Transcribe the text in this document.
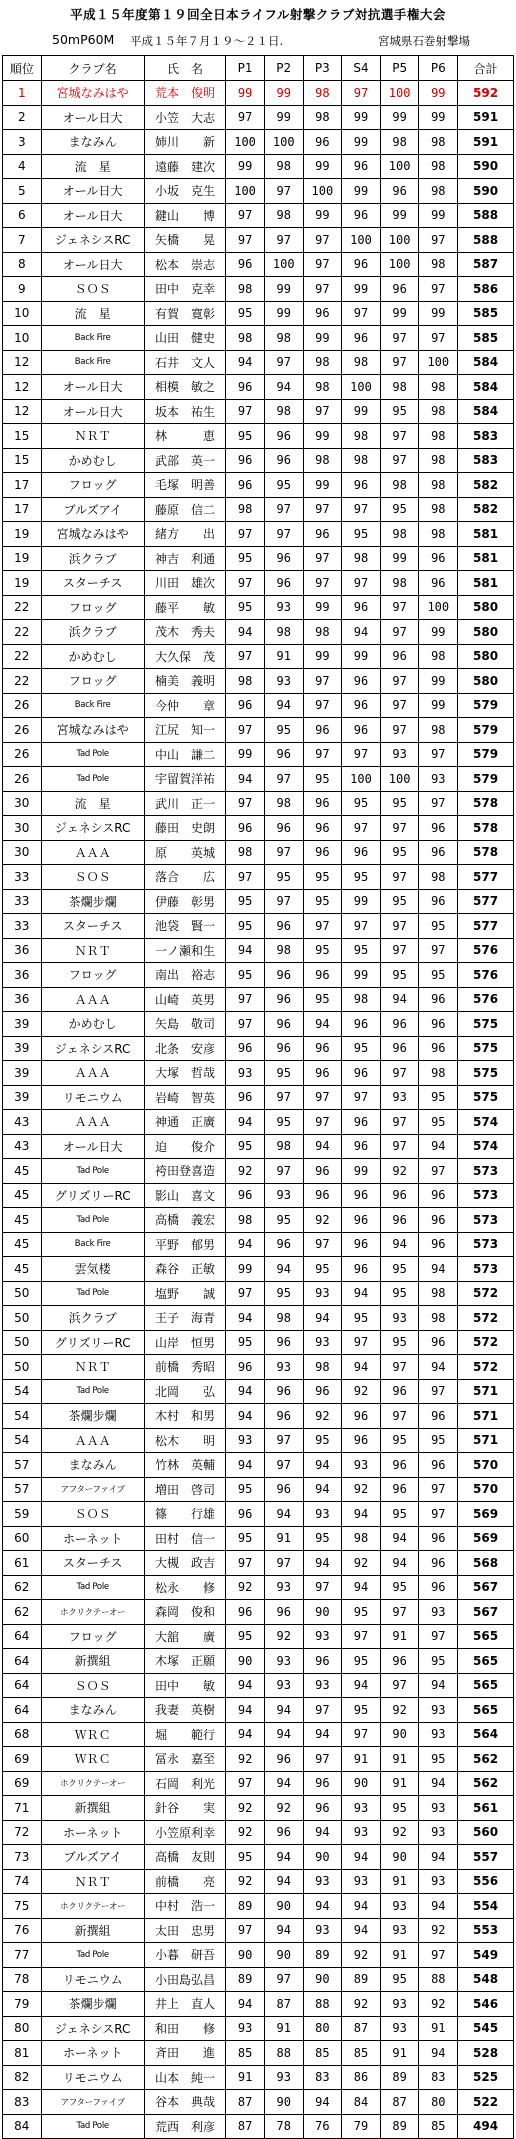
平成１５年度第１９回全日本ライフル射撃クラブ対抗選手権大会
50mP60M 平成１５年７月１９～２１日.	宮城県石巻射撃場
順位	クラブ名	氏　名	P1	P2	P3	S4	P5	P6	合計
1	宮城なみはや	荒本　俊明	99	99	98	97	100	99	592
2	オール日大	小笠　大志	97	99	98	99	99	99	591
3	まなみん	姉川　　新	100	100	96	99	98	98	591
4	流　星	遠藤　建次	99	98	99	96	100	98	590
5	オール日大	小坂　克生	100	97	100	99	96	98	590
6	オール日大	鍵山　　博	97	98	99	96	99	99	588
7	ジェネシスRC	矢橋　　晃	97	97	97	100	100	97	588
8	オール日大	松本　崇志	96	100	97	96	100	98	587
9	ＳＯＳ	田中　克幸	98	99	97	99	96	97	586
10	流　星	有賀　寛彰	95	99	96	97	99	99	585
10	Back Fire	山田　健史	98	98	99	96	97	97	585
12	Back Fire	石井　文人	94	97	98	98	97	100	584
12	オール日大	相模　敏之	96	94	98	100	98	98	584
12	オール日大	坂本　祐生	97	98	97	99	95	98	584
15	ＮＲＴ	林　　　恵	95	96	99	98	97	98	583
15	かめむし	武部　英一	96	96	98	98	97	98	583
17	フロッグ	毛塚　明善	96	95	99	96	98	98	582
17	ブルズアイ	藤原　信二	98	97	97	97	95	98	582
19	宮城なみはや	緒方　　出	97	97	96	95	98	98	581
19	浜クラブ	神吉　利通	95	96	97	98	99	96	581
19	スターチス	川田　雄次	97	96	97	97	98	96	581
22	フロッグ	藤平　　敏	95	93	99	96	97	100	580
22	浜クラブ	茂木　秀夫	94	98	98	94	97	99	580
22	かめむし	大久保　茂	97	91	99	99	96	98	580
22	フロッグ	楠美　義明	98	93	97	96	97	99	580
26	Back Fire	今仲　　章	96	94	97	96	97	99	579
26	宮城なみはや	江尻　知一	97	95	96	96	97	98	579
26	Tad Pole	中山　謙二	99	96	97	97	93	97	579
26	Tad Pole	宇留賀洋祐	94	97	95	100	100	93	579
30	流　星	武川　正一	97	98	96	95	95	97	578
30	ジェネシスRC	藤田　史朗	96	96	96	97	97	96	578
30	ＡＡＡ	原　　英城	98	97	96	96	95	96	578
33	ＳＯＳ	落合　　広	97	95	95	95	97	98	577
33	茶爛步爛	伊藤　彰男	95	97	95	99	95	96	577
33	スターチス	池袋　賢一	95	96	97	97	97	95	577
36	ＮＲＴ	一ノ瀬和生	94	98	95	95	97	97	576
36	フロッグ	南出　裕志	95	96	96	99	95	95	576
36	ＡＡＡ	山崎　英男	97	96	95	98	94	96	576
39	かめむし	矢島　敬司	97	96	94	96	96	96	575
39	ジェネシスRC	北条　安彦	96	96	96	95	96	96	575
39	ＡＡＡ	大塚　哲哉	93	95	96	96	97	98	575
39	リモニウム	岩崎　智英	96	97	97	97	93	95	575
43	ＡＡＡ	神通　正廣	94	95	97	96	97	95	574
43	オール日大	迫　　俊介	95	98	94	96	97	94	574
45	Tad Pole	袴田登喜造	92	97	96	99	92	97	573
45	グリズリーRC	影山　喜文	96	93	96	96	96	96	573
45	Tad Pole	高橋　義宏	98	95	92	96	96	96	573
45	Back Fire	平野　郁男	94	96	97	96	94	96	573
45	雲気楼	森谷　正敏	99	94	95	96	95	94	573
50	Tad Pole	塩野　　誠	97	95	93	94	95	98	572
50	浜クラブ	王子　海青	94	98	94	95	93	98	572
50	グリズリーRC	山岸　恒男	95	96	93	97	95	96	572
50	ＮＲＴ	前橋　秀昭	96	93	98	94	97	94	572
54	Tad Pole	北岡　　弘	94	96	96	92	96	97	571
54	茶爛步爛	木村　和男	94	96	92	96	97	96	571
54	ＡＡＡ	松木　　明	93	97	95	96	95	95	571
57	まなみん	竹林　英輔	94	97	94	93	96	96	570
57	アフターファイブ	増田　啓司	95	96	94	92	96	97	570
59	ＳＯＳ	篠　　行雄	96	94	93	94	95	97	569
60	ホーネット	田村　信一	95	91	95	98	94	96	569
61	スターチス	大槻　政吉	97	97	94	92	94	96	568
62	Tad Pole	松永　　修	92	93	97	94	95	96	567
62	ホクリクテーオー	森岡　俊和	96	96	90	95	97	93	567
64	フロッグ	大舘　　廣	95	92	93	97	91	97	565
64	新撰組	木塚　正願	90	93	96	95	96	95	565
64	ＳＯＳ	田中　　敏	94	93	93	94	97	94	565
64	まなみん	我妻　英樹	94	94	97	95	92	93	565
68	ＷＲＣ	堀　　範行	94	94	94	97	90	93	564
69	ＷＲＣ	冨永　嘉至	92	96	97	91	91	95	562
69	ホクリクテーオー	石岡　利光	97	94	96	90	91	94	562
71	新撰組	針谷　　実	92	92	96	93	95	93	561
72	ホーネット	小笠原利幸	92	96	94	93	92	93	560
73	ブルズアイ	高橋　友則	95	94	90	94	90	94	557
74	ＮＲＴ	前橋　　亮	92	94	93	93	91	93	556
75	ホクリクテーオー	中村　浩一	89	90	94	94	93	94	554
76	新撰組	太田　忠男	97	94	93	94	93	92	553
77	Tad Pole	小暮　研吾	90	90	89	92	91	97	549
78	リモニウム	小田島弘昌	89	97	90	89	95	88	548
79	茶爛步爛	井上　直人	94	87	88	92	93	92	546
80	ジェネシスRC	和田　　修	93	91	80	87	93	91	545
81	ホーネット	斉田　　進	85	88	85	85	91	94	528
82	リモニウム	山本　純一	91	93	83	86	89	83	525
83	アフターファイブ	谷本　典哉	87	90	94	84	87	80	522
84	Tad Pole	荒西　利彦	87	78	76	79	89	85	494
